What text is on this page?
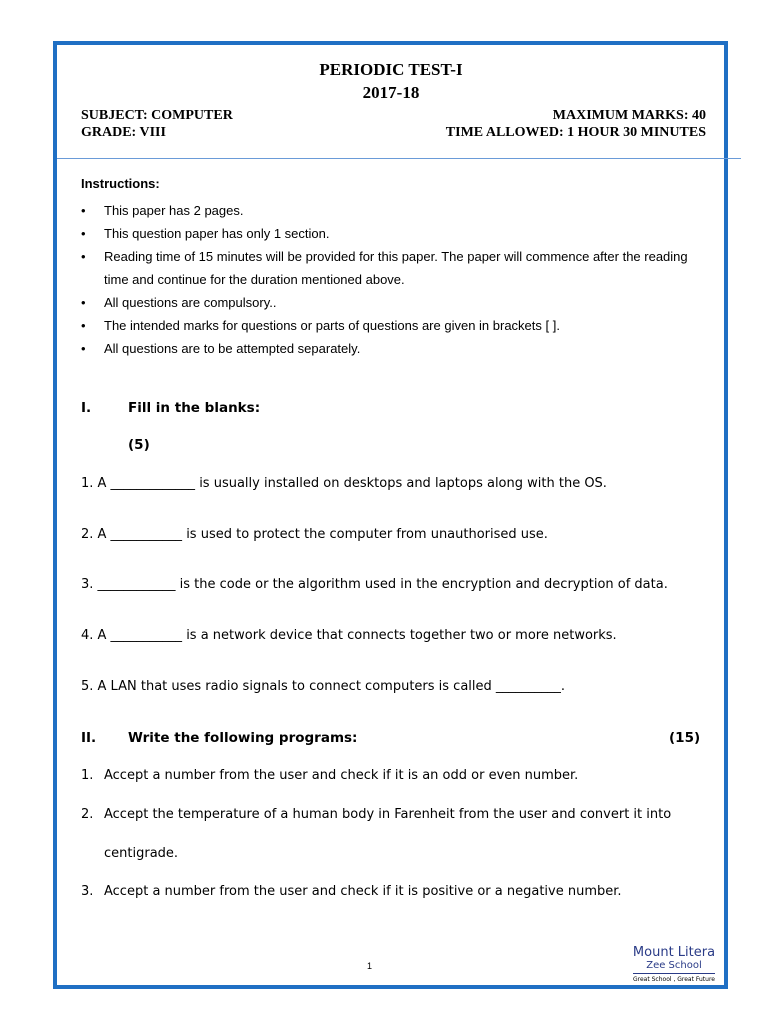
PERIODIC TEST-I
2017-18
SUBJECT: COMPUTER
GRADE: VIII
MAXIMUM MARKS: 40
TIME ALLOWED: 1 HOUR 30 MINUTES
Instructions:
• This paper has 2 pages.
• This question paper has only 1 section.
• Reading time of 15 minutes will be provided for this paper. The paper will commence after the reading time and continue for the duration mentioned above.
• All questions are compulsory..
• The intended marks for questions or parts of questions are given in brackets [ ].
• All questions are to be attempted separately.
I.	Fill in the blanks:
(5)
1. A _____________ is usually installed on desktops and laptops along with the OS.
2. A ___________ is used to protect the computer from unauthorised use.
3. ____________ is the code or the algorithm used in the encryption and decryption of data.
4. A ___________ is a network device that connects together two or more networks.
5. A LAN that uses radio signals to connect computers is called __________.
II. Write the following programs:	(15)
1. Accept a number from the user and check if it is an odd or even number.
2. Accept the temperature of a human body in Farenheit from the user and convert it into
centigrade.
3. Accept a number from the user and check if it is positive or a negative number.
1
Mount Litera
Zee School
Great School , Great Future
